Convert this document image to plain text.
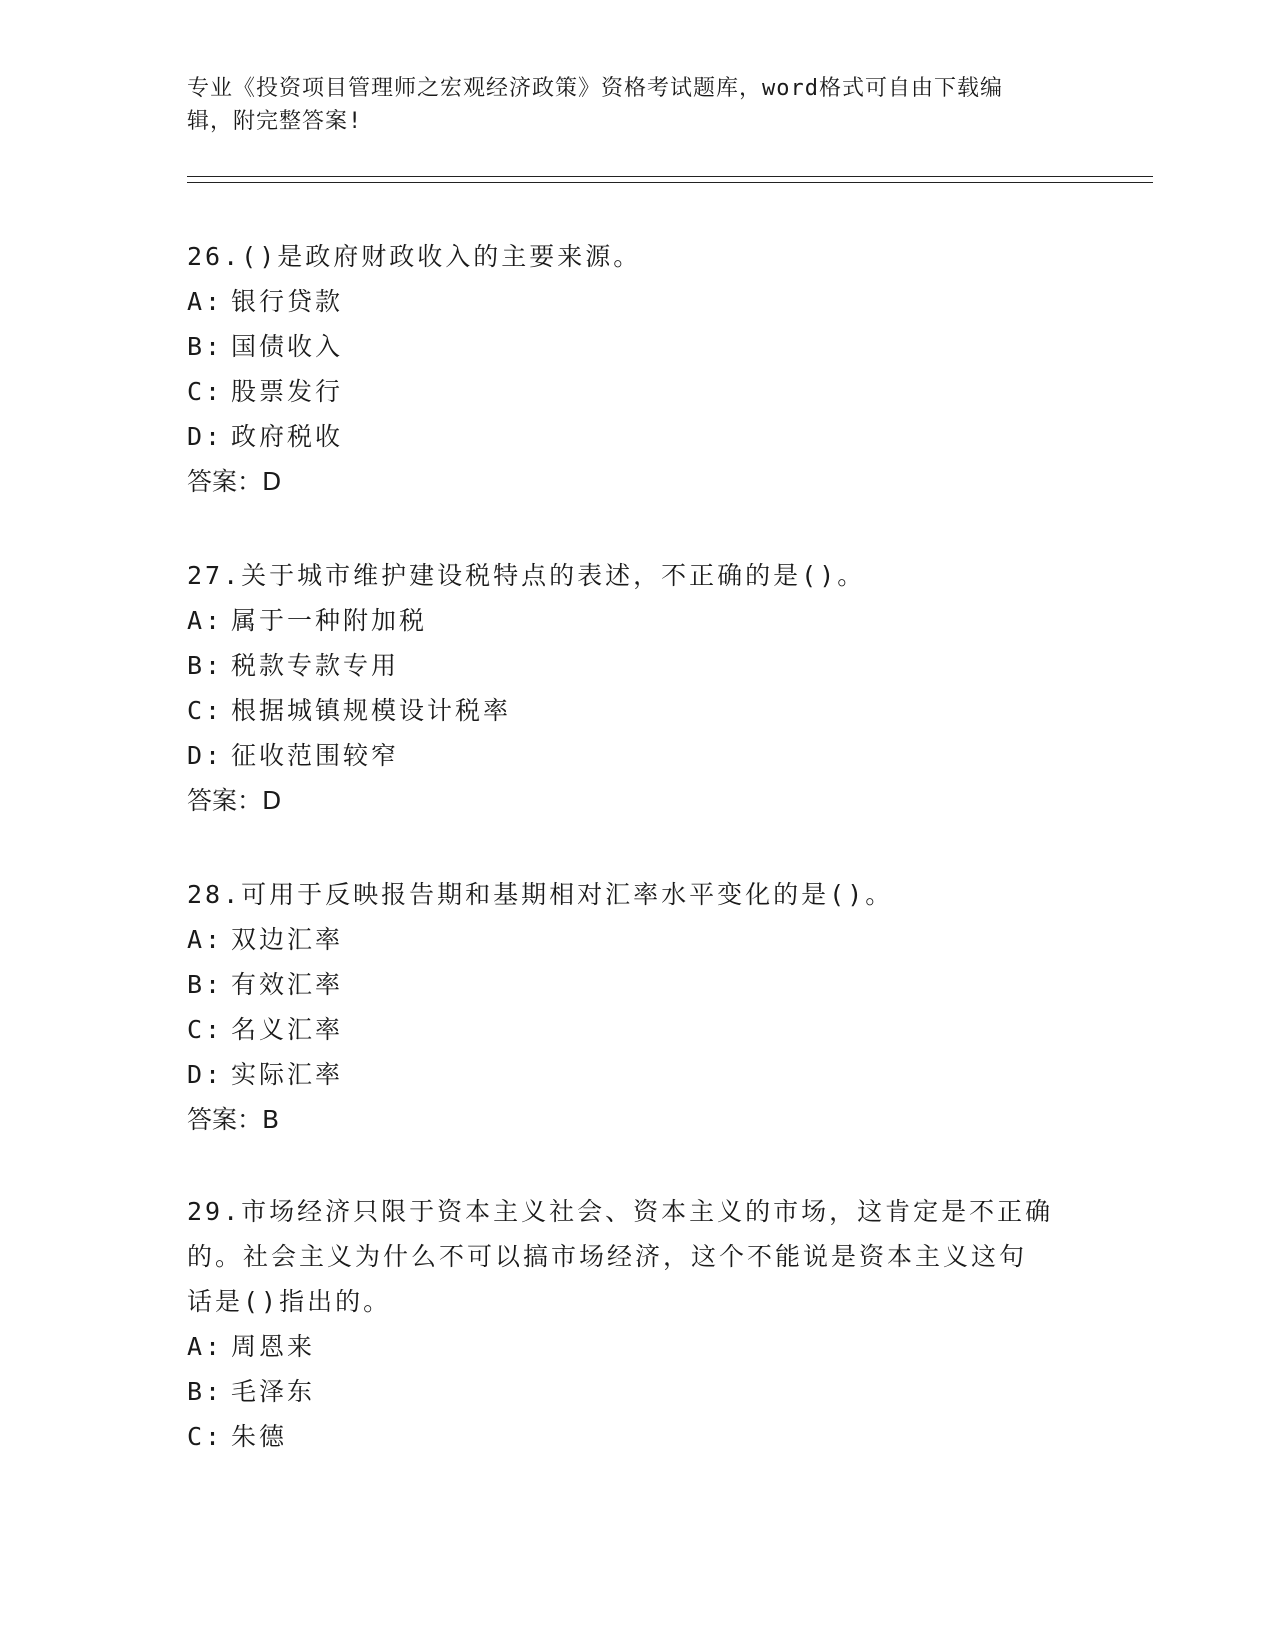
专业《投资项目管理师之宏观经济政策》资格考试题库，word格式可自由下载编
辑，附完整答案!

26.()是政府财政收入的主要来源。

A: 银行贷款

B: 国债收入

C: 股票发行

D: 政府税收

答案：D

27.关于城市维护建设税特点的表述，不正确的是()。

A: 属于一种附加税

B: 税款专款专用

C: 根据城镇规模设计税率

D: 征收范围较窄

答案：D

28.可用于反映报告期和基期相对汇率水平变化的是()。

A: 双边汇率

B: 有效汇率

C: 名义汇率

D: 实际汇率

答案：B

29.市场经济只限于资本主义社会、资本主义的市场，这肯定是不正确

的。社会主义为什么不可以搞市场经济，这个不能说是资本主义这句

话是()指出的。

A: 周恩来

B: 毛泽东

C: 朱德
